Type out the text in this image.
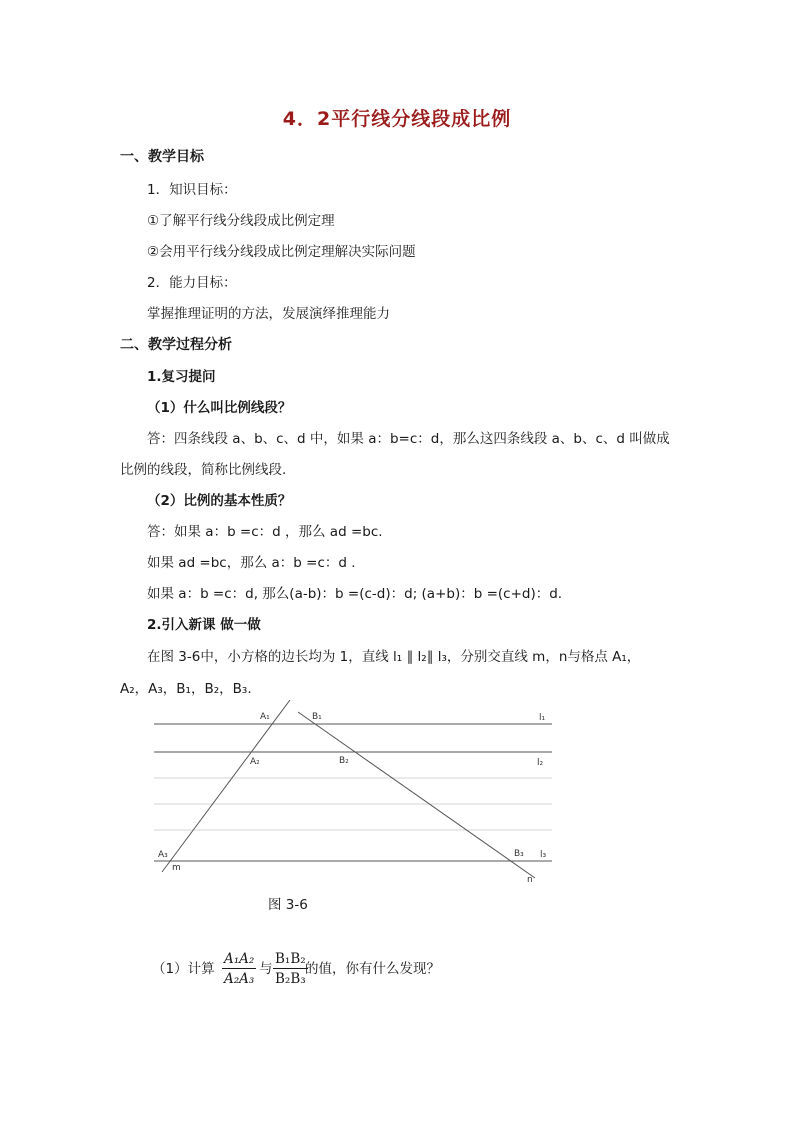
4．2平行线分线段成比例
一、教学目标
1．知识目标：
①了解平行线分线段成比例定理
②会用平行线分线段成比例定理解决实际问题
2．能力目标：
掌握推理证明的方法，发展演绎推理能力
二、教学过程分析
1.复习提问
（1）什么叫比例线段？
答：四条线段 a、b、c、d 中，如果 a：b=c：d，那么这四条线段 a、b、c、d 叫做成
比例的线段，简称比例线段.
（2）比例的基本性质？
答：如果 a：b =c：d ，那么 ad =bc.
如果 ad =bc，那么 a：b =c：d .
如果 a：b =c：d, 那么(a-b)：b =(c-d)：d; (a+b)：b =(c+d)：d.
2.引入新课 做一做
在图 3-6中，小方格的边长均为 1，直线 l₁ ∥ l₂∥ l₃，分别交直线 m，n与格点 A₁，
A₂，A₃，B₁，B₂，B₃.
A₁	B₁	l₁
A₂	B₂	l₂
A₃	B₃ l₃
m
n
图 3-6
（1）计算 $\frac{\text{A₁A₂}}{\text{A₂A₃}}$ 与 $\frac{\text{B₁B₂}}{\text{B₂B₃}}$
的值，你有什么发现？
